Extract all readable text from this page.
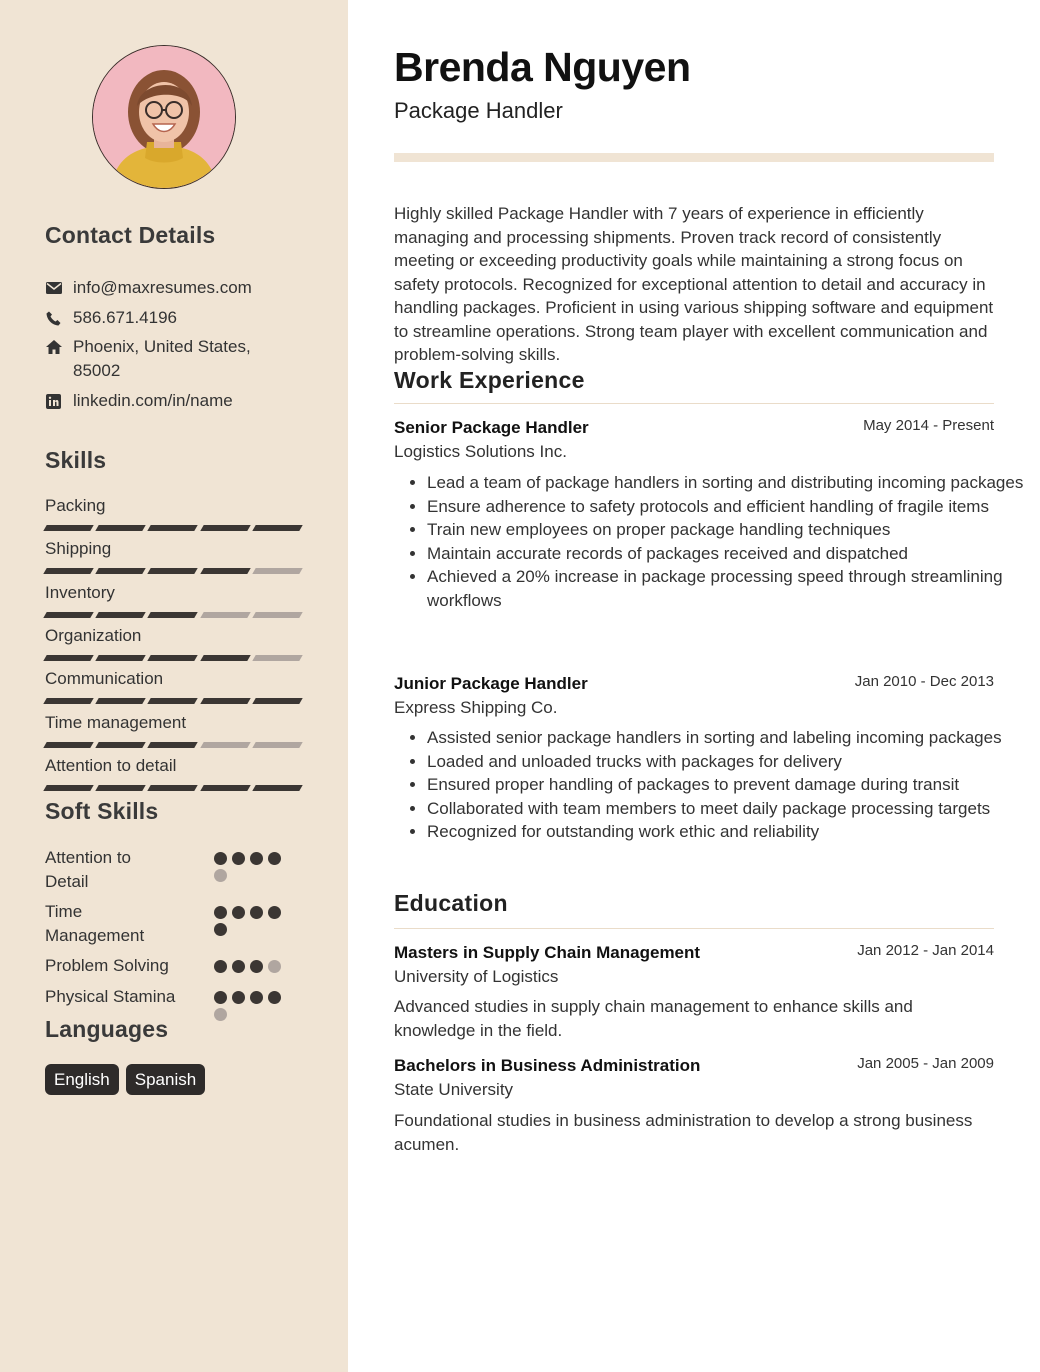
Contact Details
info@maxresumes.com
586.671.4196
Phoenix, United States, 85002
linkedin.com/in/name
Skills
Packing
Shipping
Inventory
Organization
Communication
Time management
Attention to detail
Soft Skills
Attention to Detail
Time Management
Problem Solving
Physical Stamina
Languages
English	Spanish
Brenda Nguyen
Package Handler

Highly skilled Package Handler with 7 years of experience in efficiently managing and processing shipments. Proven track record of consistently meeting or exceeding productivity goals while maintaining a strong focus on safety protocols. Recognized for exceptional attention to detail and accuracy in handling packages. Proficient in using various shipping software and equipment to streamline operations. Strong team player with excellent communication and problem-solving skills.

Work Experience
Senior Package Handler	May 2014 - Present
Logistics Solutions Inc.
• Lead a team of package handlers in sorting and distributing incoming packages
• Ensure adherence to safety protocols and efficient handling of fragile items
• Train new employees on proper package handling techniques
• Maintain accurate records of packages received and dispatched
• Achieved a 20% increase in package processing speed through streamlining workflows
Junior Package Handler	Jan 2010 - Dec 2013
Express Shipping Co.
• Assisted senior package handlers in sorting and labeling incoming packages
• Loaded and unloaded trucks with packages for delivery
• Ensured proper handling of packages to prevent damage during transit
• Collaborated with team members to meet daily package processing targets
• Recognized for outstanding work ethic and reliability
Education
Masters in Supply Chain Management	Jan 2012 - Jan 2014
University of Logistics

Advanced studies in supply chain management to enhance skills and knowledge in the field.

Bachelors in Business Administration	Jan 2005 - Jan 2009
State University

Foundational studies in business administration to develop a strong business acumen.
